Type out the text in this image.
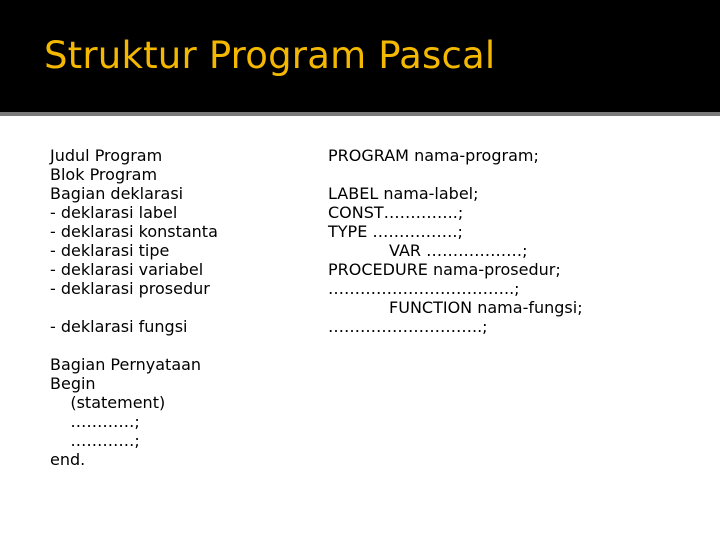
Struktur Program Pascal
Judul Program
Blok Program
Bagian deklarasi
- deklarasi label
- deklarasi konstanta
- deklarasi tipe
- deklarasi variabel
- deklarasi prosedur
- deklarasi fungsi
Bagian Pernyataan
Begin
(statement)
…………;
…………;
end.
PROGRAM nama-program;
LABEL nama-label;
CONST…………..;
TYPE …………….;
VAR ………………;
PROCEDURE nama-prosedur;
……………………………..;
FUNCTION nama-fungsi;
………………………..;
